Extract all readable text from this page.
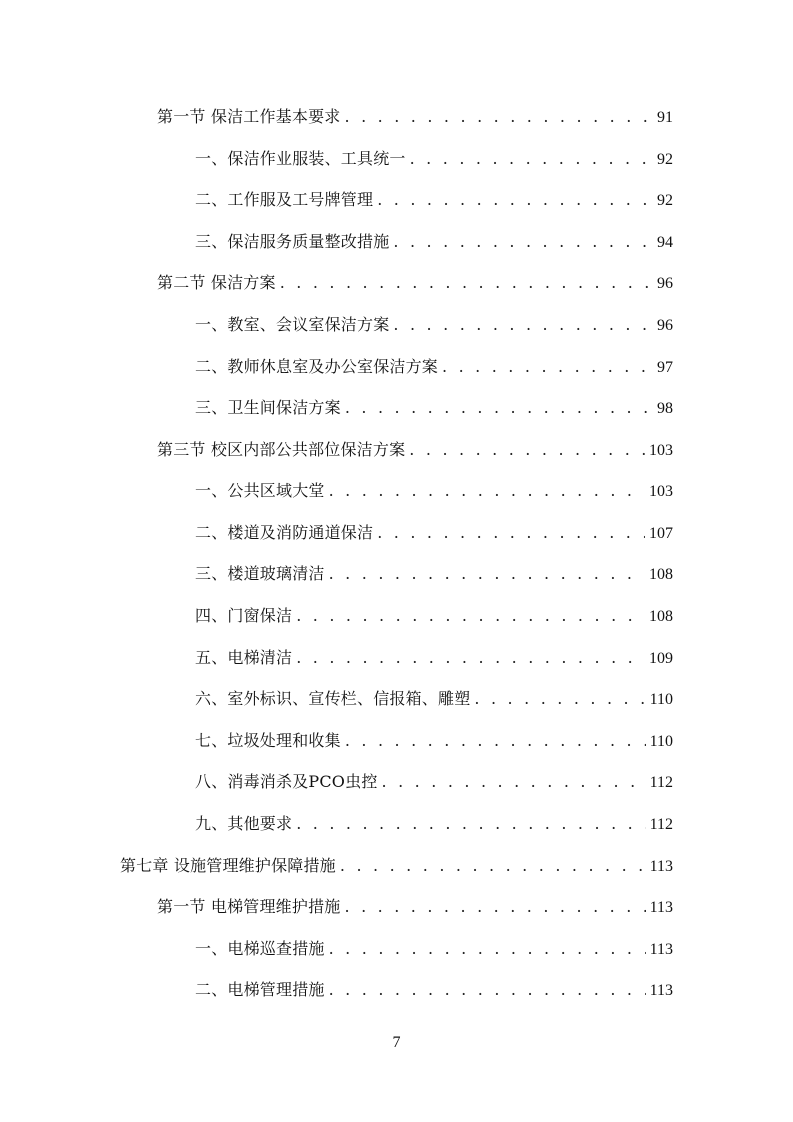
第一节 保洁工作基本要求 . . .	91
一、保洁作业服装、工具统一 . . .	92
二、工作服及工号牌管理 . . .	92
三、保洁服务质量整改措施 . . .	94
第二节 保洁方案 . . .	96
一、教室、会议室保洁方案 . . .	96
二、教师休息室及办公室保洁方案 . . .	97
三、卫生间保洁方案 . . .	98
第三节 校区内部公共部位保洁方案 . . .	103
一、公共区域大堂 . . .	103
二、楼道及消防通道保洁 . . .	107
三、楼道玻璃清洁 . . .	108
四、门窗保洁 . . .	108
五、电梯清洁 . . .	109
六、室外标识、宣传栏、信报箱、雕塑 . . .	110
七、垃圾处理和收集 . . .	110
八、消毒消杀及PCO虫控 . . .	112
九、其他要求 . . .	112
第七章 设施管理维护保障措施 . . .	113
第一节 电梯管理维护措施 . . .	113
一、电梯巡查措施 . . .	113
二、电梯管理措施 . . .	113
7
